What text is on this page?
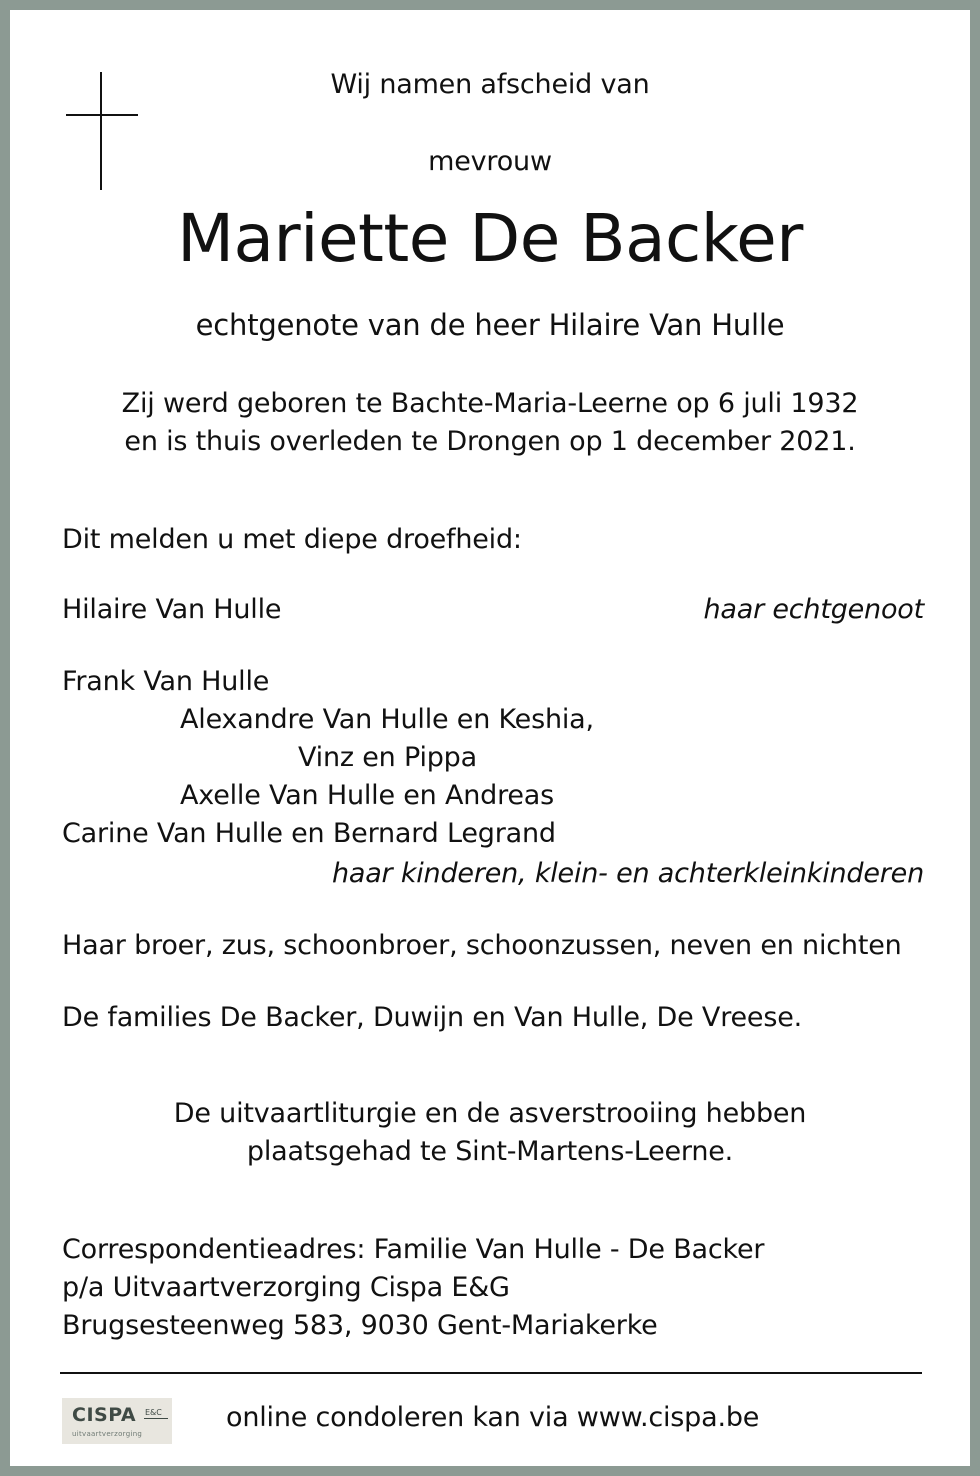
Wij namen afscheid van
mevrouw
Mariette De Backer
echtgenote van de heer Hilaire Van Hulle
Zij werd geboren te Bachte-Maria-Leerne op 6 juli 1932
en is thuis overleden te Drongen op 1 december 2021.
Dit melden u met diepe droefheid:
Hilaire Van Hulle	haar echtgenoot
Frank Van Hulle
Alexandre Van Hulle en Keshia,
Vinz en Pippa
Axelle Van Hulle en Andreas
Carine Van Hulle en Bernard Legrand
haar kinderen, klein- en achterkleinkinderen
Haar broer, zus, schoonbroer, schoonzussen, neven en nichten
De families De Backer, Duwijn en Van Hulle, De Vreese.
De uitvaartliturgie en de asverstrooiing hebben
plaatsgehad te Sint-Martens-Leerne.
Correspondentieadres: Familie Van Hulle - De Backer
p/a Uitvaartverzorging Cispa E&G
Brugsesteenweg 583, 9030 Gent-Mariakerke
CISPA E&C
uitvaartverzorging
online condoleren kan via www.cispa.be
